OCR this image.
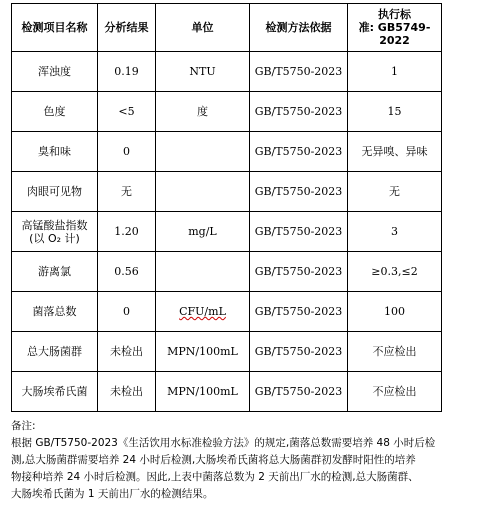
检测项目名称	分析结果	单位	检测方法依据	执行标
准: GB5749-2022

浑浊度	0.19	NTU	GB/T5750-2023	1
色度	<5	度	GB/T5750-2023	15
臭和味	0		GB/T5750-2023	无异嗅、异味
肉眼可见物	无		GB/T5750-2023	无

高锰酸盐指数
(以 O₂ 计)	1.20	mg/L	GB/T5750-2023	3
游离氯	0.56		GB/T5750-2023	≥0.3,≤2
菌落总数	0	CFU/mL	GB/T5750-2023	100
总大肠菌群	未检出	MPN/100mL	GB/T5750-2023	不应检出
大肠埃希氏菌	未检出	MPN/100mL	GB/T5750-2023	不应检出

备注:

根据 GB/T5750-2023《生活饮用水标准检验方法》的规定,菌落总数需要培养 48 小时后检

测,总大肠菌群需要培养 24 小时后检测,大肠埃希氏菌将总大肠菌群初发酵时阳性的培养

物接种培养 24 小时后检测。因此,上表中菌落总数为 2 天前出厂水的检测,总大肠菌群、

大肠埃希氏菌为 1 天前出厂水的检测结果。
